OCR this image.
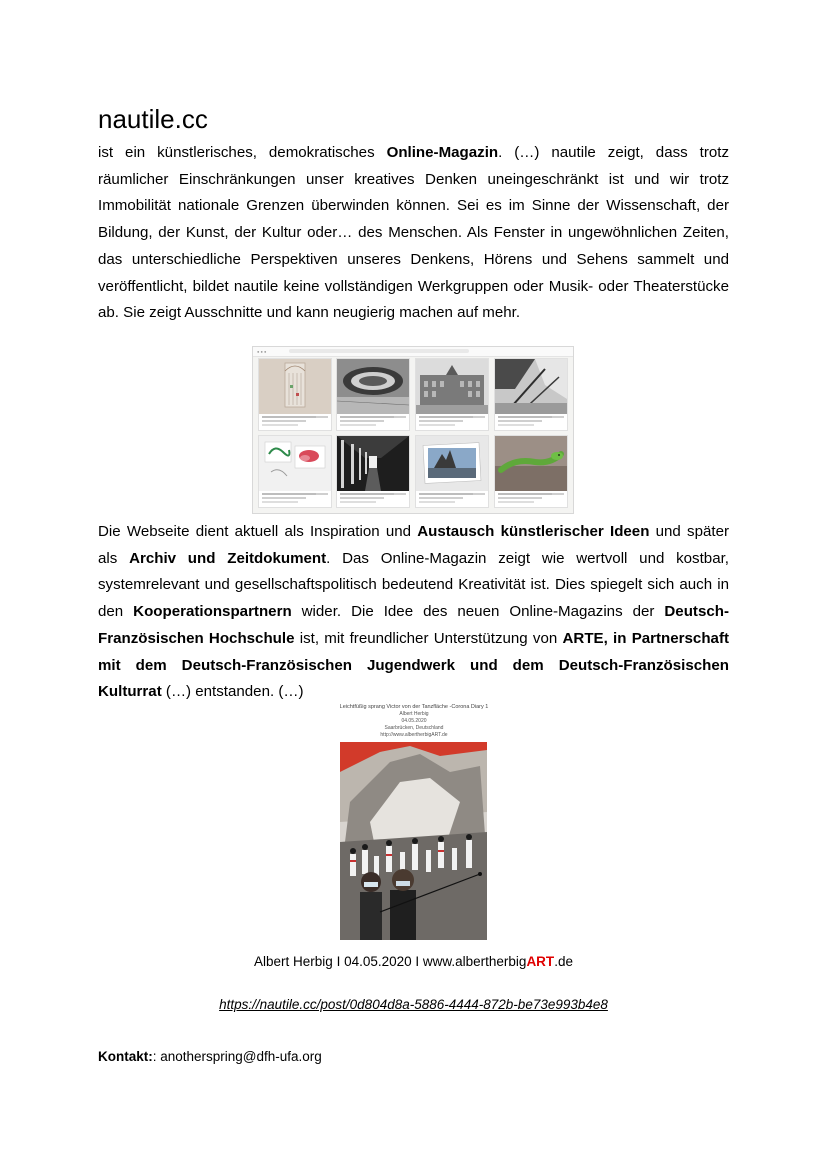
nautile.cc

ist ein künstlerisches, demokratisches Online-Magazin. (…) nautile zeigt, dass trotz räumlicher Einschränkungen unser kreatives Denken uneingeschränkt ist und wir trotz Immobilität nationale Grenzen überwinden können. Sei es im Sinne der Wissenschaft, der Bildung, der Kunst, der Kultur oder… des Menschen. Als Fenster in ungewöhnlichen Zeiten, das unterschiedliche Perspektiven unseres Denkens, Hörens und Sehens sammelt und veröffentlicht, bildet nautile keine vollständigen Werkgruppen oder Musik- oder Theaterstücke ab. Sie zeigt Ausschnitte und kann neugierig machen auf mehr.

● ● ●

Die Webseite dient aktuell als Inspiration und Austausch künstlerischer Ideen und später als Archiv und Zeitdokument. Das Online-Magazin zeigt wie wertvoll und kostbar, systemrelevant und gesellschaftspolitisch bedeutend Kreativität ist. Dies spiegelt sich auch in den Kooperationspartnern wider. Die Idee des neuen Online-Magazins der Deutsch-Französischen Hochschule ist, mit freundlicher Unterstützung von ARTE, in Partnerschaft mit dem Deutsch-Französischen Jugendwerk und dem Deutsch-Französischen Kulturrat (…) entstanden. (…)

Leichtfüßig sprang Victor von der Tanzfläche -Corona Diary 1
Albert Herbig
04.05.2020
Saarbrücken, Deutschland
http://www.albertherbigART.de
Albert Herbig I 04.05.2020 I www.albertherbigART.de
https://nautile.cc/post/0d804d8a-5886-4444-872b-be73e993b4e8
Kontakt:: anotherspring@dfh-ufa.org
